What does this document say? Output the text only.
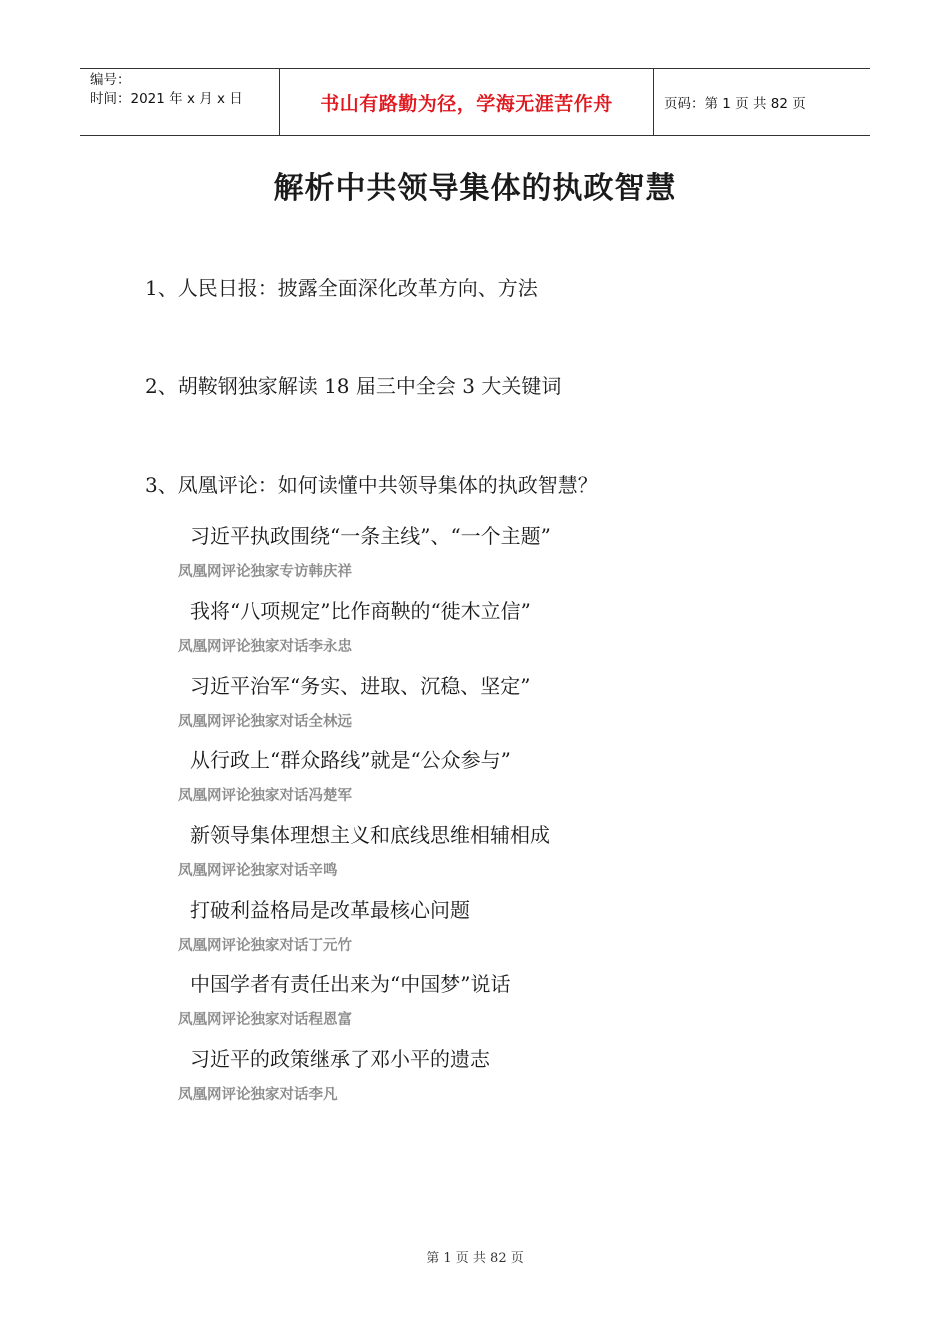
编号：
时间：2021 年 x 月 x 日	书山有路勤为径，学海无涯苦作舟	页码：第 1 页 共 82 页
解析中共领导集体的执政智慧
1、人民日报：披露全面深化改革方向、方法
2、胡鞍钢独家解读 18 届三中全会 3 大关键词
3、凤凰评论：如何读懂中共领导集体的执政智慧？
习近平执政围绕“一条主线”、“一个主题”
凤凰网评论独家专访韩庆祥
我将“八项规定”比作商鞅的“徙木立信”
凤凰网评论独家对话李永忠
习近平治军“务实、进取、沉稳、坚定”
凤凰网评论独家对话全林远
从行政上“群众路线”就是“公众参与”
凤凰网评论独家对话冯楚军
新领导集体理想主义和底线思维相辅相成
凤凰网评论独家对话辛鸣
打破利益格局是改革最核心问题
凤凰网评论独家对话丁元竹
中国学者有责任出来为“中国梦”说话
凤凰网评论独家对话程恩富
习近平的政策继承了邓小平的遗志
凤凰网评论独家对话李凡
第 1 页 共 82 页
